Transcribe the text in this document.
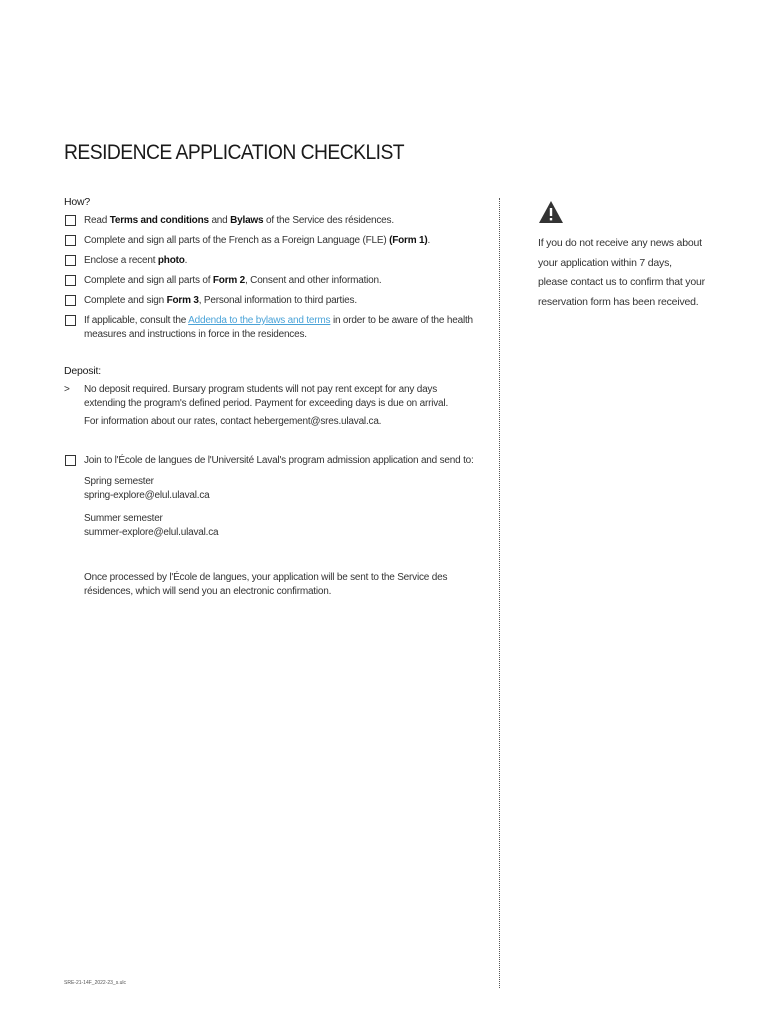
RESIDENCE APPLICATION CHECKLIST
How?
Read Terms and conditions and Bylaws of the Service des résidences.
Complete and sign all parts of the French as a Foreign Language (FLE) (Form 1).
Enclose a recent photo.
Complete and sign all parts of Form 2, Consent and other information.
Complete and sign Form 3, Personal information to third parties.
If applicable, consult the Addenda to the bylaws and terms in order to be aware of the health measures and instructions in force in the residences.
Deposit:
> No deposit required. Bursary program students will not pay rent except for any days extending the program's defined period. Payment for exceeding days is due on arrival.
For information about our rates, contact hebergement@sres.ulaval.ca.
Join to l'École de langues de l'Université Laval's program admission application and send to:
Spring semester
spring-explore@elul.ulaval.ca
Summer semester
summer-explore@elul.ulaval.ca
Once processed by l'École de langues, your application will be sent to the Service des résidences, which will send you an electronic confirmation.
If you do not receive any news about
your application within 7 days,
please contact us to confirm that your
reservation form has been received.
SRE-21-14F_2022-23_s.ulc
